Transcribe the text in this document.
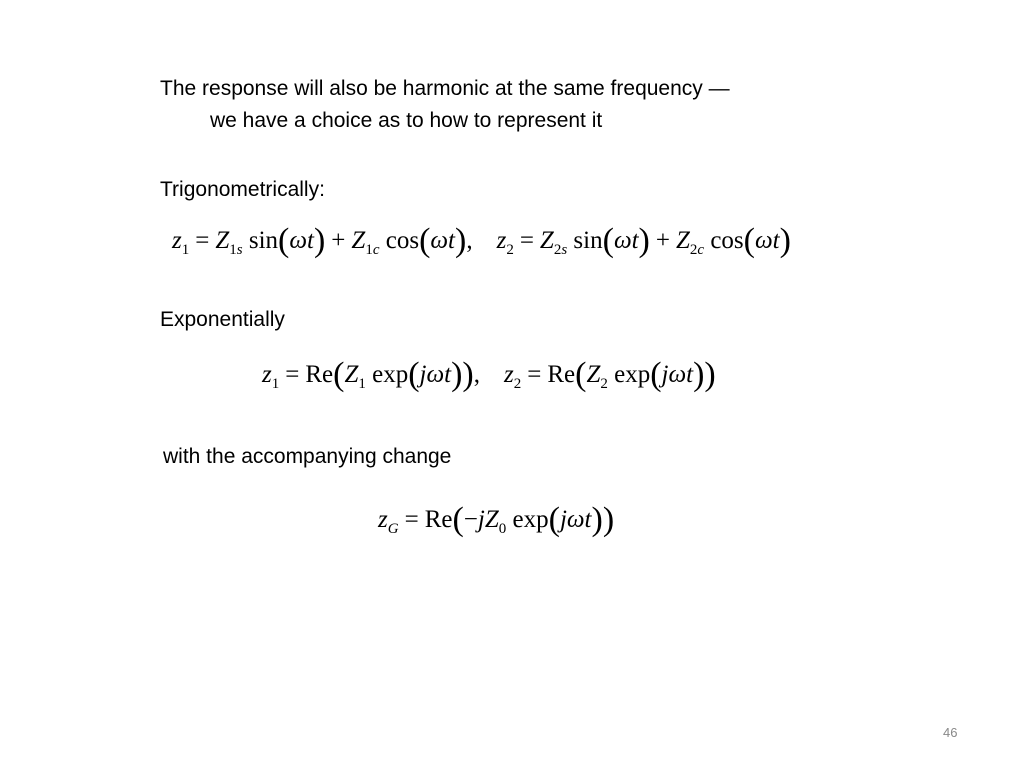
The response will also be harmonic at the same frequency —
we have a choice as to how to represent it
Trigonometrically:
$z_1 = Z_{1s}$ $\sin(\omega t) + Z_{1c}$ cos(ωt), $z_2 = Z_{2s}$ $\sin(\omega t) + Z_{2c}$ cos(ωt)
Exponentially
$z_1 = Re(Z_1$ exp(jωt)), $z_2 = Re(Z_2$ exp(jωt))
with the accompanying change
$z_G = Re(-jZ_0$ exp(jωt))
46
